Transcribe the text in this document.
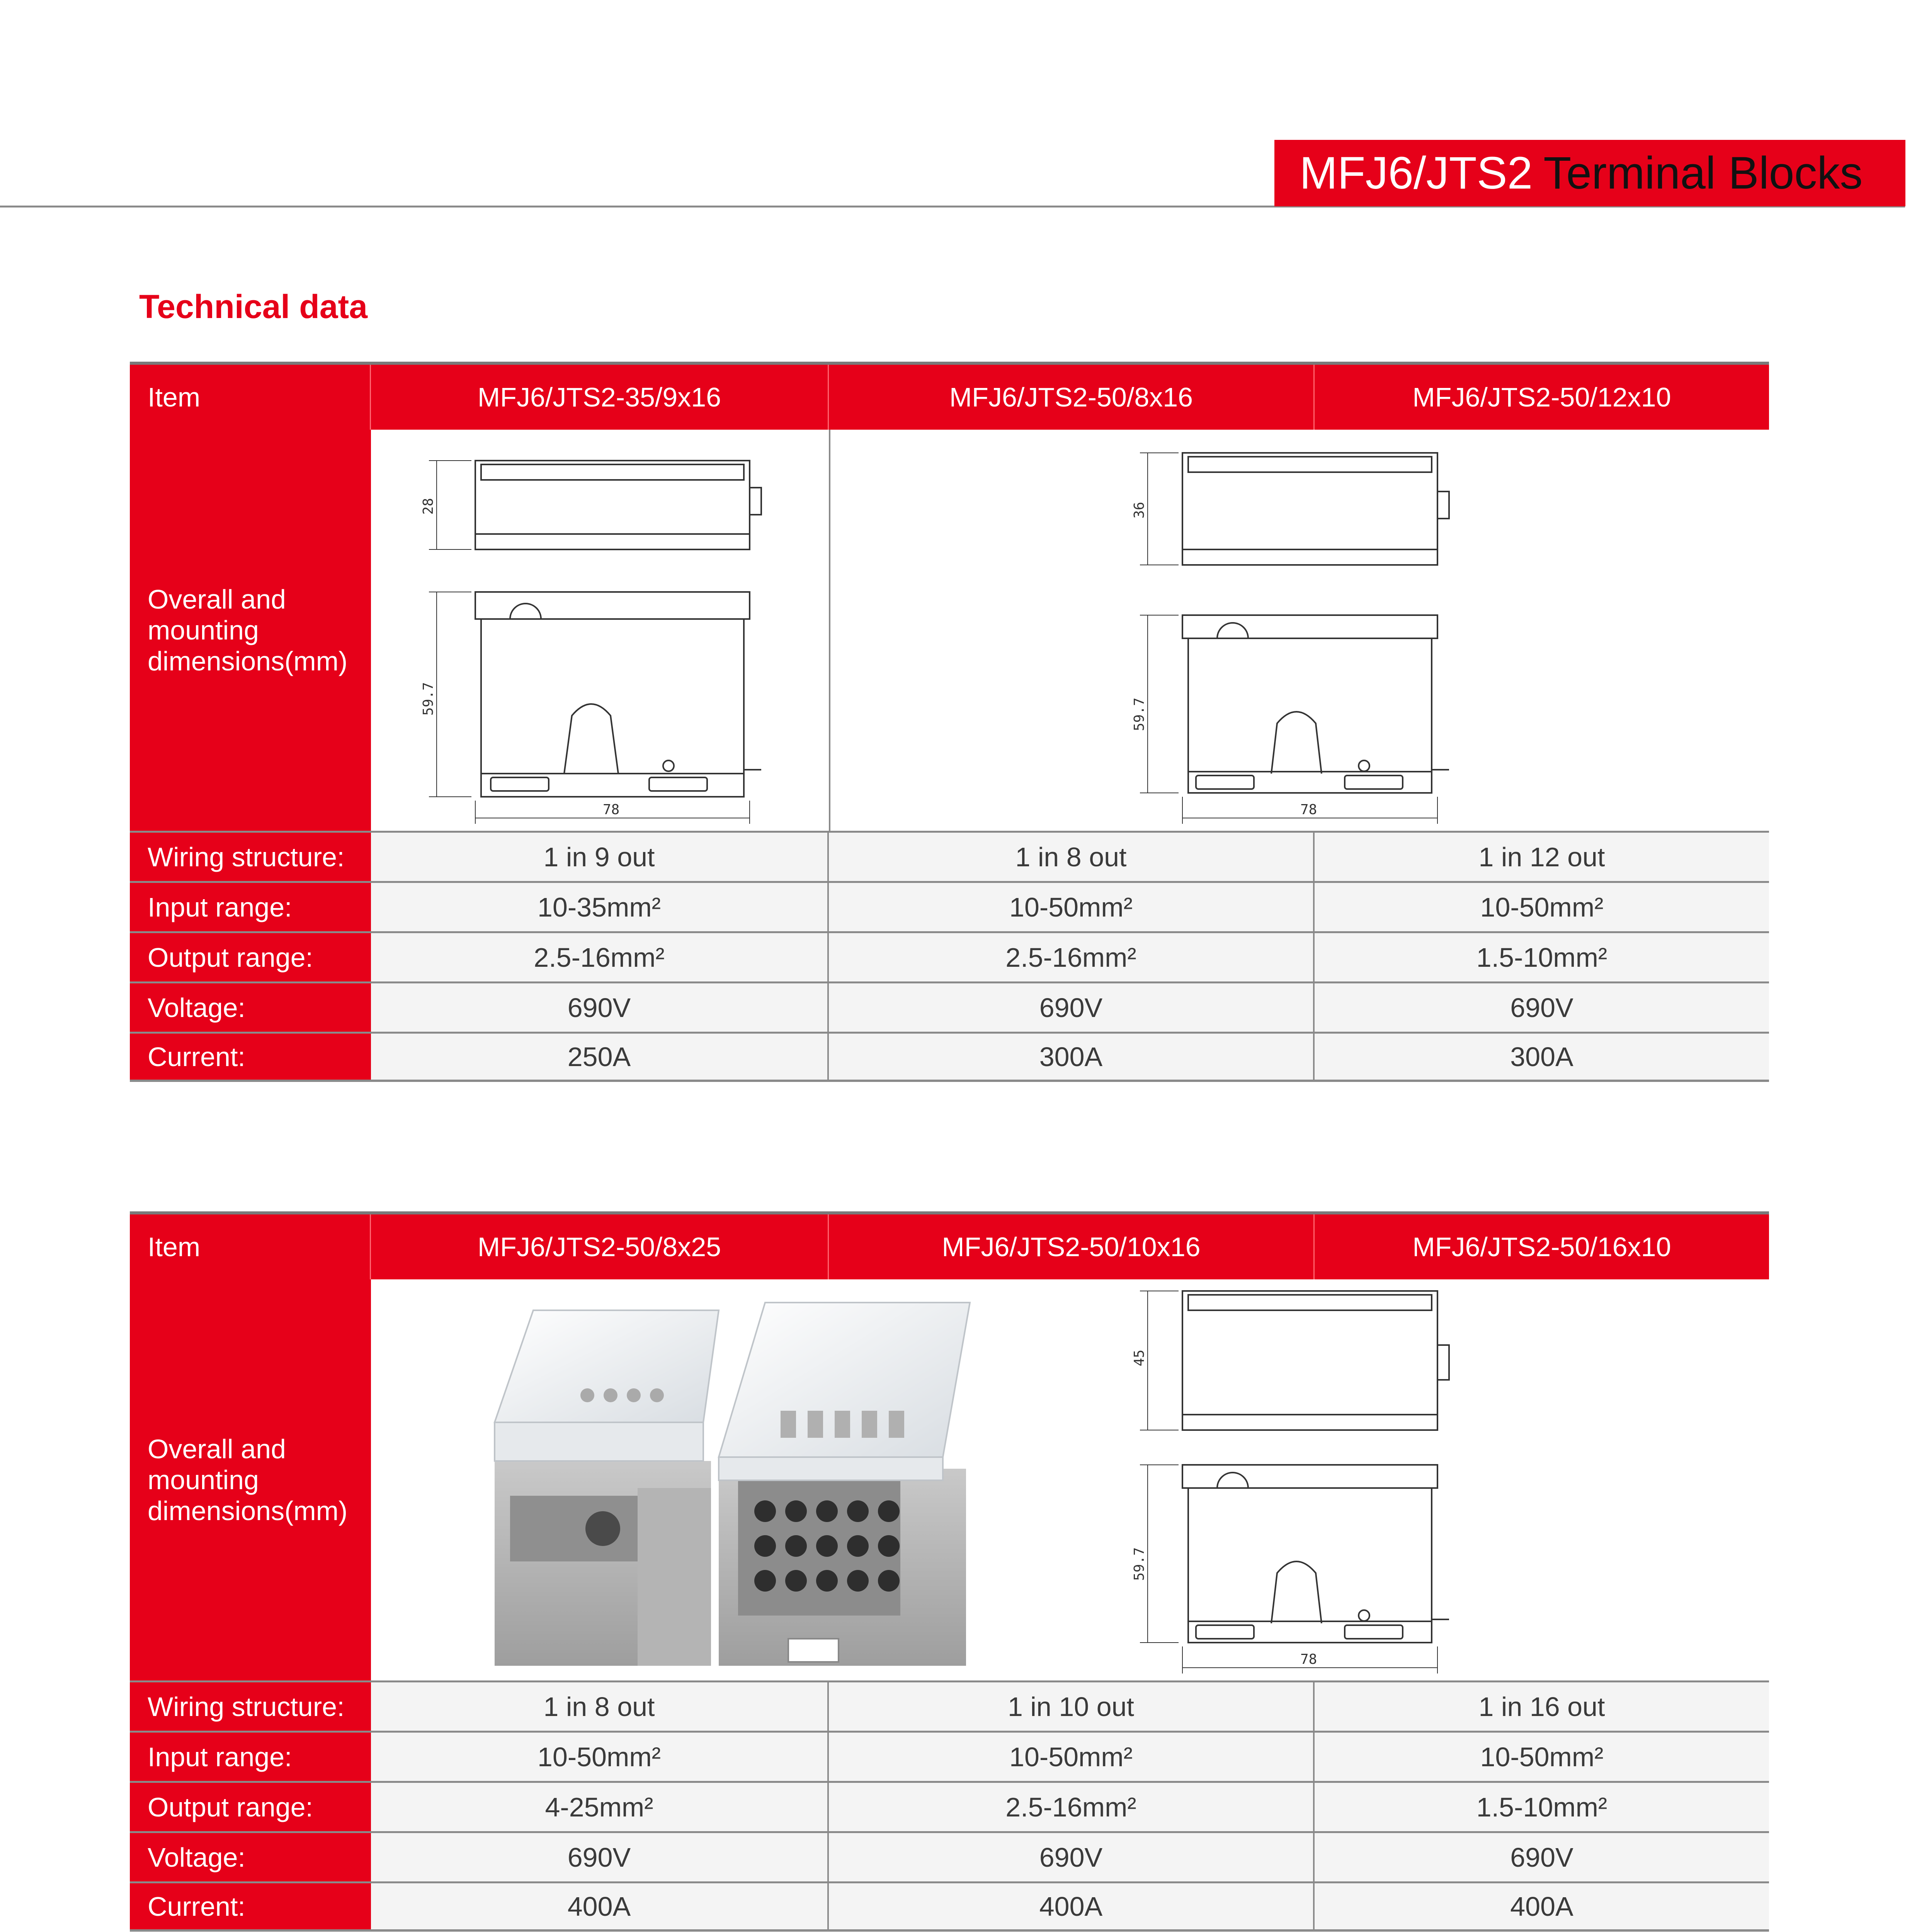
MFJ6/JTS2 Terminal Blocks
Technical data
Item	MFJ6/JTS2-35/9x16	MFJ6/JTS2-50/8x16	MFJ6/JTS2-50/12x10
Overall and
mounting
dimensions(mm)
28
59.7
78
36
59.7
78
Wiring structure:	1 in 9 out	1 in 8 out	1 in 12 out
Input range:	10-35mm²	10-50mm²	10-50mm²
Output range:	2.5-16mm²	2.5-16mm²	1.5-10mm²
Voltage:	690V	690V	690V
Current:	250A	300A	300A
Item	MFJ6/JTS2-50/8x25	MFJ6/JTS2-50/10x16	MFJ6/JTS2-50/16x10
Overall and
mounting
dimensions(mm)
45
59.7
78
Wiring structure:	1 in 8 out	1 in 10 out	1 in 16 out
Input range:	10-50mm²	10-50mm²	10-50mm²
Output range:	4-25mm²	2.5-16mm²	1.5-10mm²
Voltage:	690V	690V	690V
Current:	400A	400A	400A
